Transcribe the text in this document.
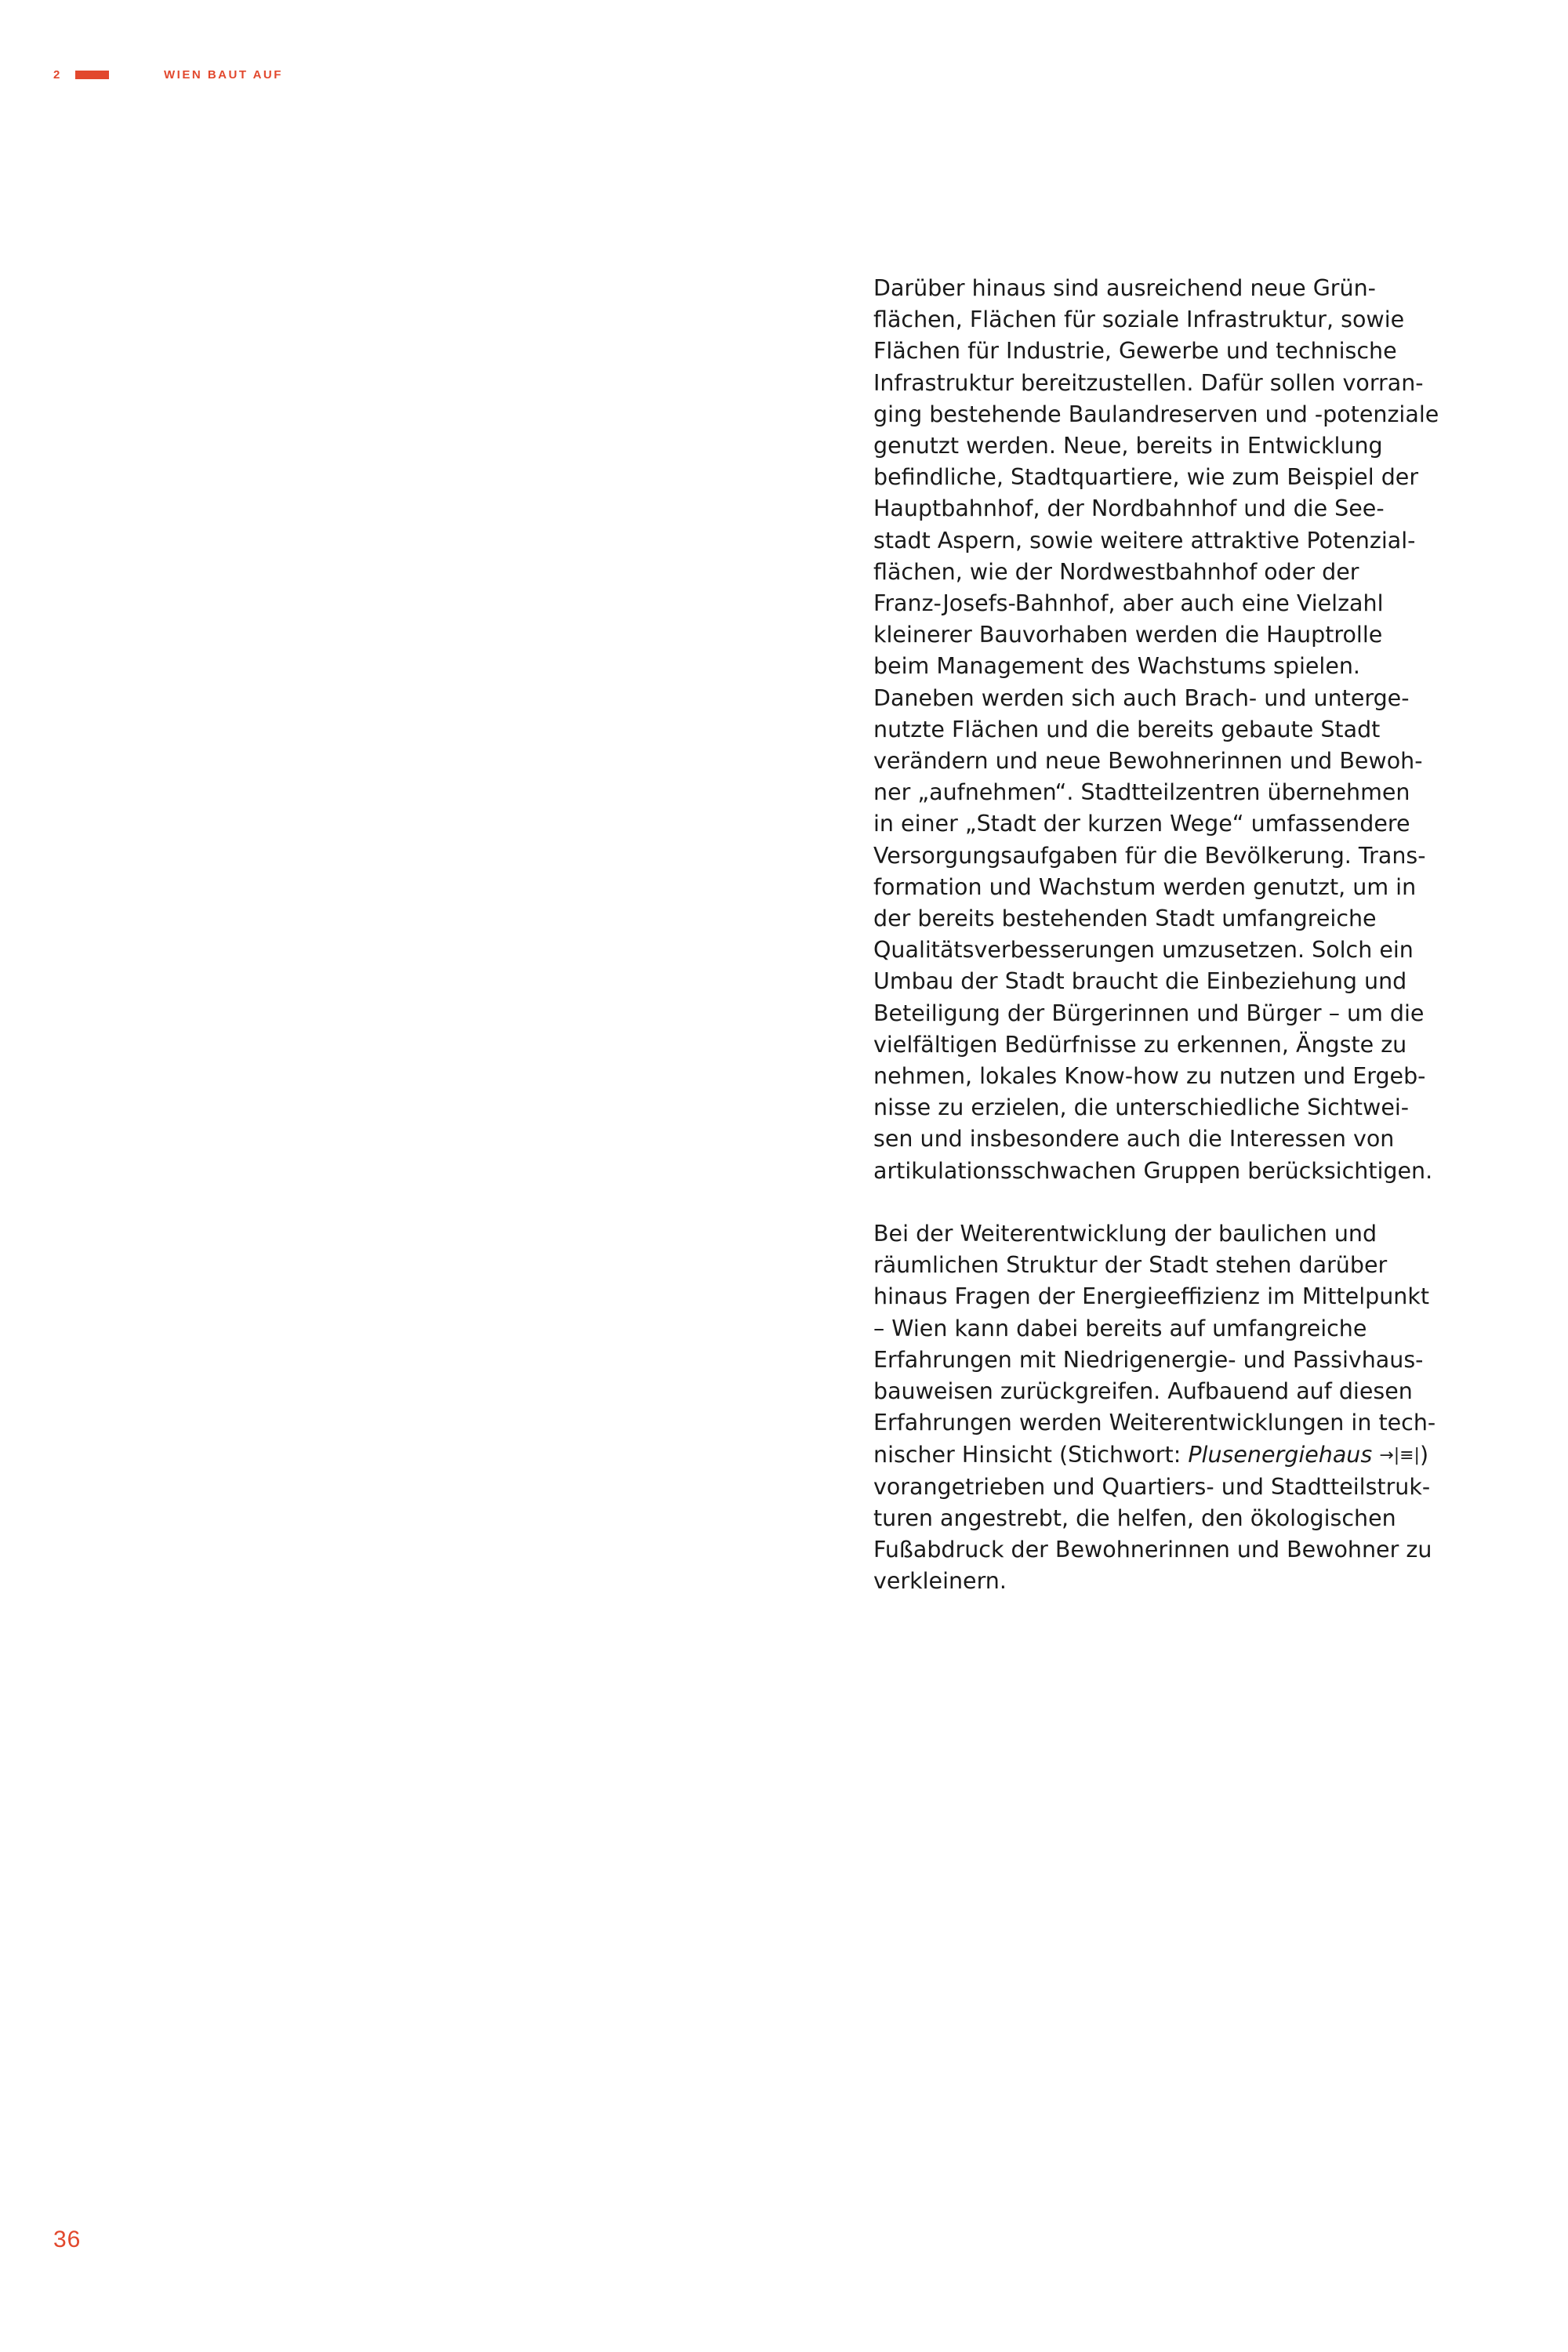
2	WIEN BAUT AUF

Darüber hinaus sind ausreichend neue Grün-
flächen, Flächen für soziale Infrastruktur, sowie
Flächen für Industrie, Gewerbe und technische
Infrastruktur bereitzustellen. Dafür sollen vorran-
ging bestehende Baulandreserven und -potenziale
genutzt werden. Neue, bereits in Entwicklung
befindliche, Stadtquartiere, wie zum Beispiel der
Hauptbahnhof, der Nordbahnhof und die See-
stadt Aspern, sowie weitere attraktive Potenzial-
flächen, wie der Nordwestbahnhof oder der
Franz-Josefs-Bahnhof, aber auch eine Vielzahl
kleinerer Bauvorhaben werden die Hauptrolle
beim Management des Wachstums spielen.
Daneben werden sich auch Brach- und unterge-
nutzte Flächen und die bereits gebaute Stadt
verändern und neue Bewohnerinnen und Bewoh-
ner „aufnehmen“. Stadtteilzentren übernehmen
in einer „Stadt der kurzen Wege“ umfassendere
Versorgungsaufgaben für die Bevölkerung. Trans-
formation und Wachstum werden genutzt, um in
der bereits bestehenden Stadt umfangreiche
Qualitätsverbesserungen umzusetzen. Solch ein
Umbau der Stadt braucht die Einbeziehung und
Beteiligung der Bürgerinnen und Bürger – um die
vielfältigen Bedürfnisse zu erkennen, Ängste zu
nehmen, lokales Know-how zu nutzen und Ergeb-
nisse zu erzielen, die unterschiedliche Sichtwei-
sen und insbesondere auch die Interessen von
artikulationsschwachen Gruppen berücksichtigen.

Bei der Weiterentwicklung der baulichen und
räumlichen Struktur der Stadt stehen darüber
hinaus Fragen der Energieeffizienz im Mittelpunkt
– Wien kann dabei bereits auf umfangreiche
Erfahrungen mit Niedrigenergie- und Passivhaus-
bauweisen zurückgreifen. Aufbauend auf diesen
Erfahrungen werden Weiterentwicklungen in tech-
nischer Hinsicht (Stichwort: Plusenergiehaus →|≡|)
vorangetrieben und Quartiers- und Stadtteilstruk-
turen angestrebt, die helfen, den ökologischen
Fußabdruck der Bewohnerinnen und Bewohner zu
verkleinern.

36
